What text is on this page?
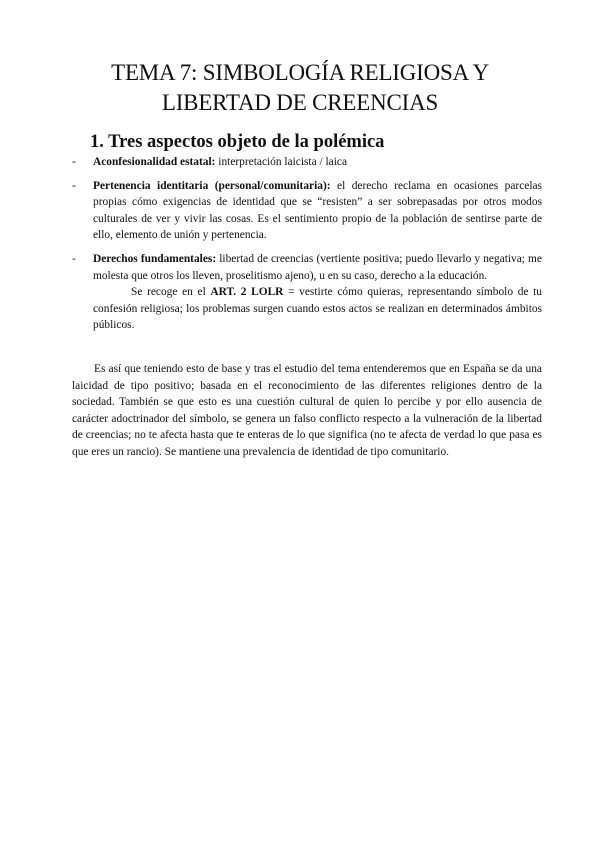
TEMA 7: SIMBOLOGÍA RELIGIOSA Y
LIBERTAD DE CREENCIAS
1. Tres aspectos objeto de la polémica
- Aconfesionalidad estatal: interpretación laicista / laica
- Pertenencia identitaria (personal/comunitaria): el derecho reclama en ocasiones parcelas propias cómo exigencias de identidad que se “resisten” a ser sobrepasadas por otros modos culturales de ver y vivir las cosas. Es el sentimiento propio de la población de sentirse parte de ello, elemento de unión y pertenencia.
- Derechos fundamentales: libertad de creencias (vertiente positiva; puedo llevarlo y negativa; me molesta que otros los lleven, proselitismo ajeno), u en su caso, derecho a la educación.
Se recoge en el ART. 2 LOLR = vestirte cómo quieras, representando símbolo de tu confesión religiosa; los problemas surgen cuando estos actos se realizan en determinados ámbitos públicos.

Es así que teniendo esto de base y tras el estudio del tema entenderemos que en España se da una laicidad de tipo positivo; basada en el reconocimiento de las diferentes religiones dentro de la sociedad. También se que esto es una cuestión cultural de quien lo percibe y por ello ausencia de carácter adoctrinador del símbolo, se genera un falso conflicto respecto a la vulneración de la libertad de creencias; no te afecta hasta que te enteras de lo que significa (no te afecta de verdad lo que pasa es que eres un rancio). Se mantiene una prevalencia de identidad de tipo comunitario.
